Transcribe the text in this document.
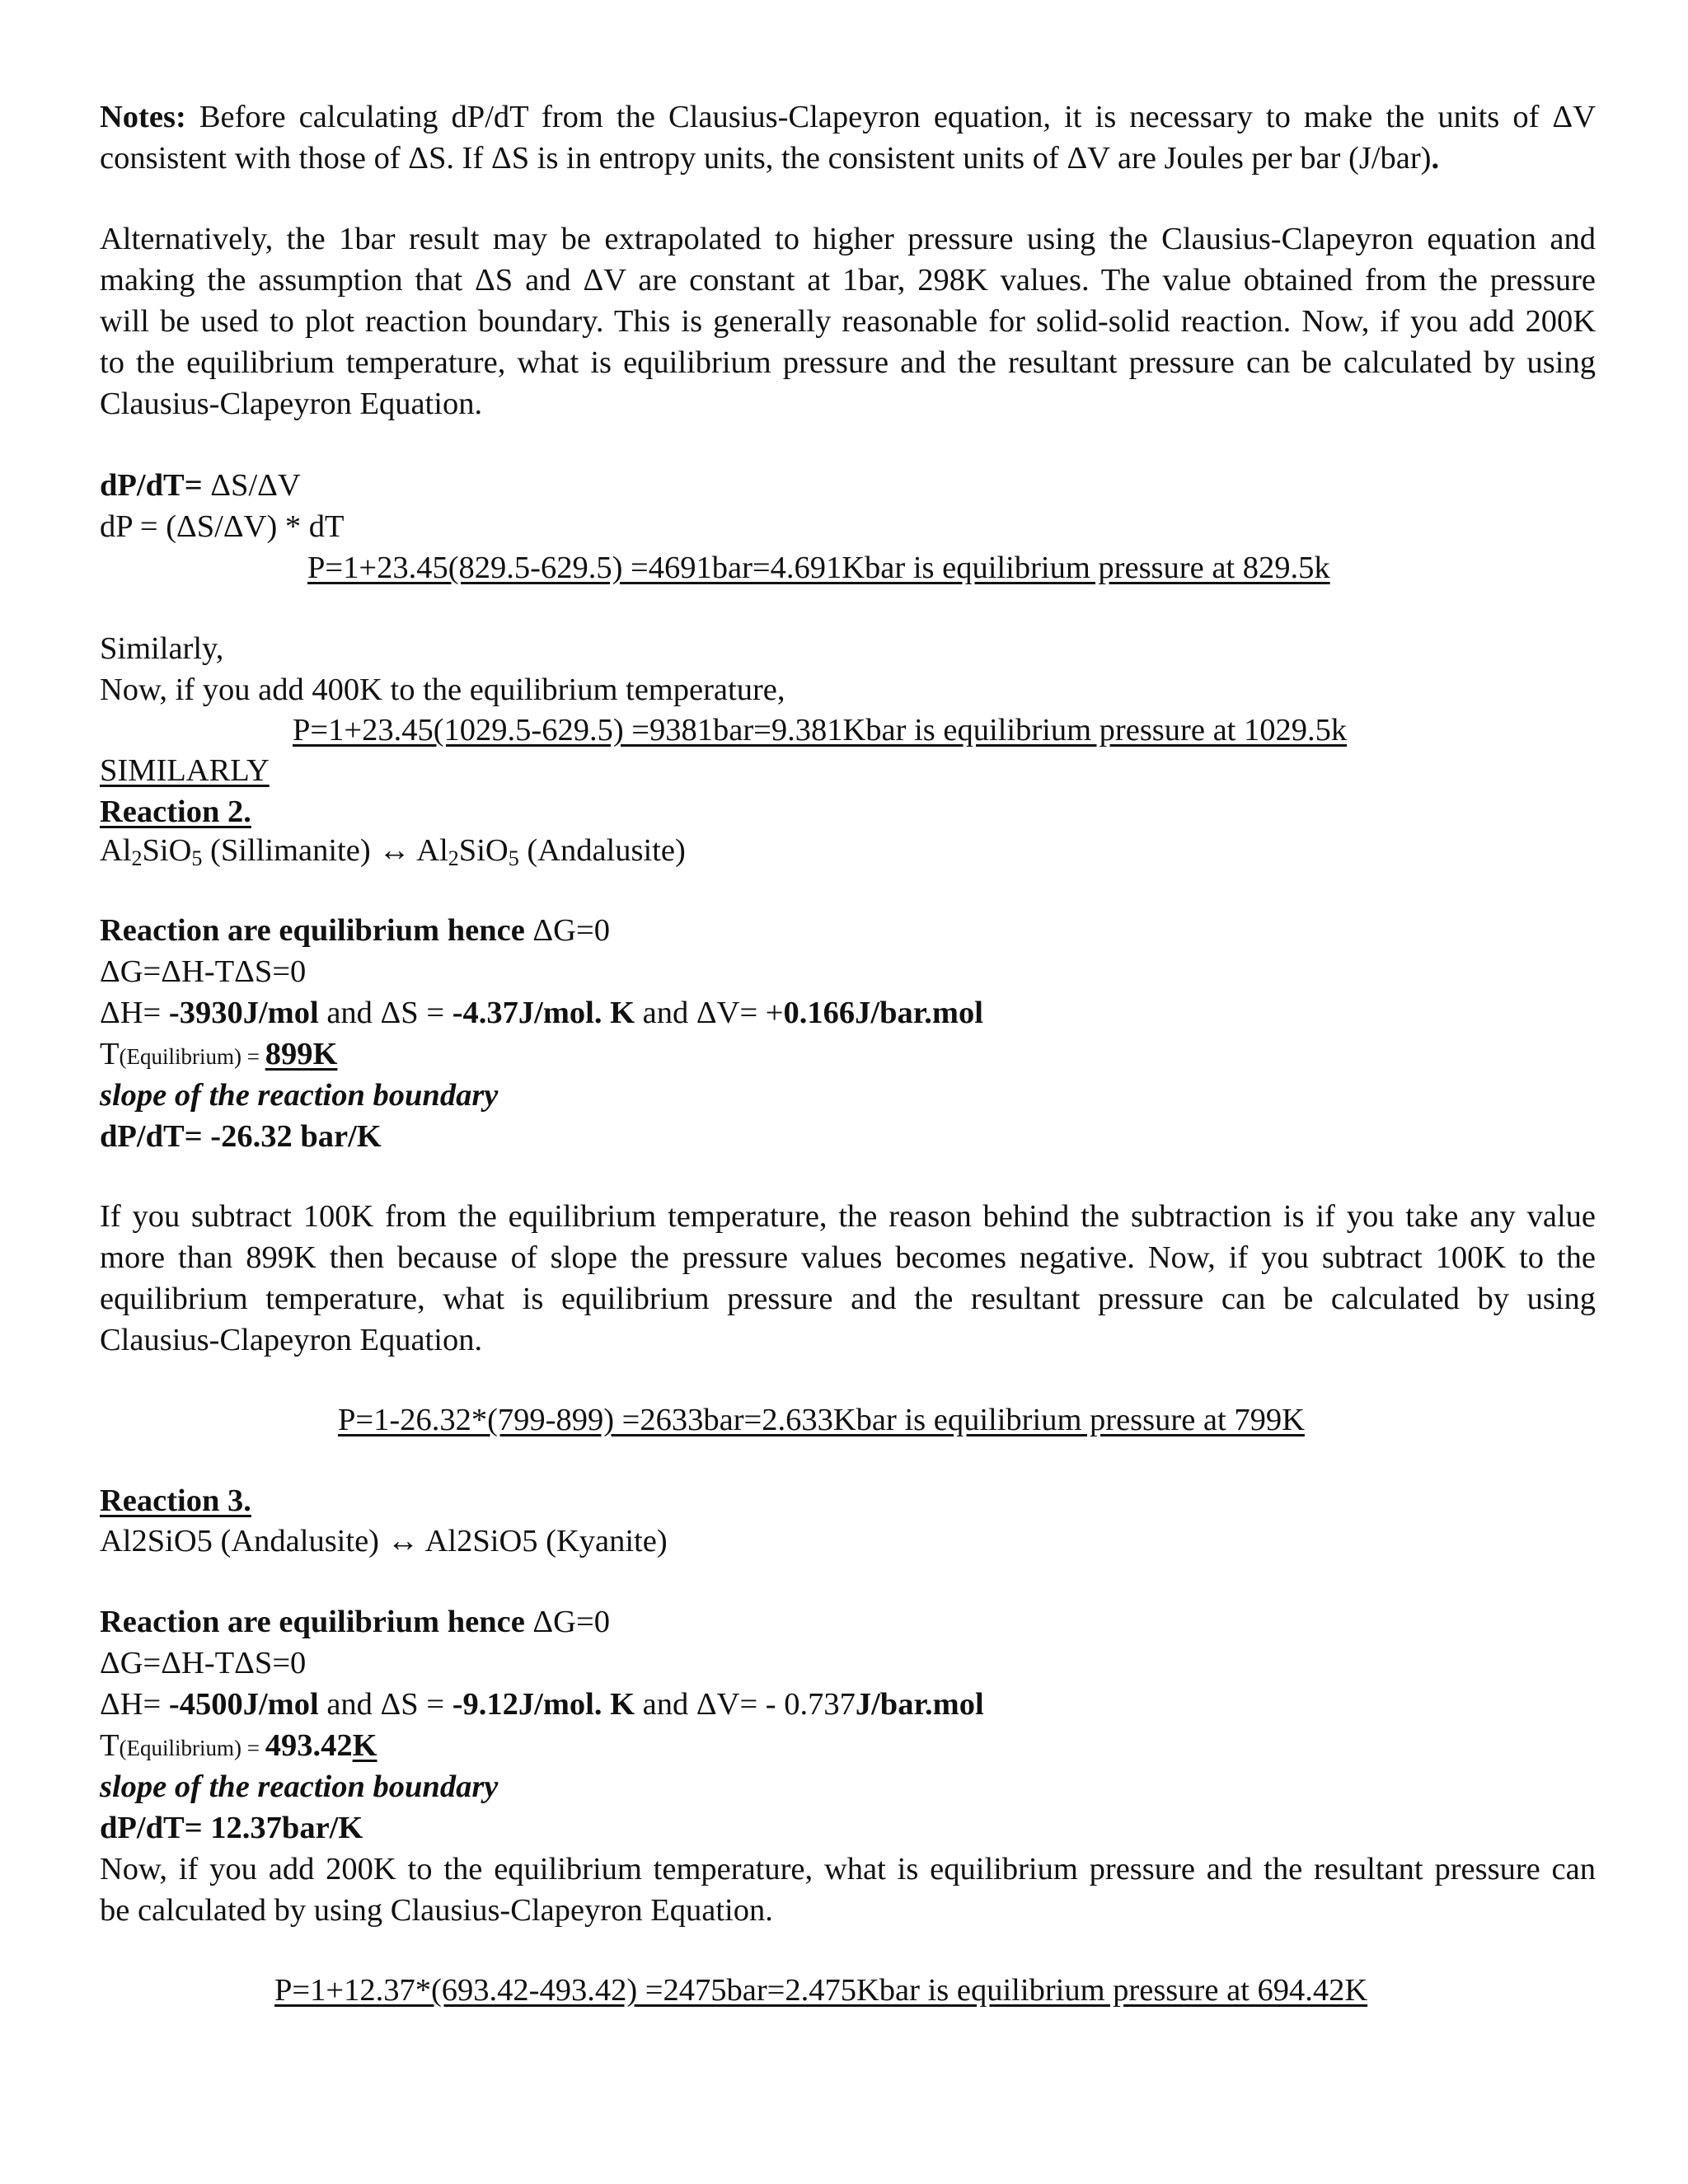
Notes: Before calculating dP/dT from the Clausius-Clapeyron equation, it is necessary to make the units of ΔV

consistent with those of ΔS. If ΔS is in entropy units, the consistent units of ΔV are Joules per bar (J/bar).

Alternatively, the 1bar result may be extrapolated to higher pressure using the Clausius-Clapeyron equation and

making the assumption that ΔS and ΔV are constant at 1bar, 298K values. The value obtained from the pressure

will be used to plot reaction boundary. This is generally reasonable for solid-solid reaction. Now, if you add 200K

to the equilibrium temperature, what is equilibrium pressure and the resultant pressure can be calculated by using

Clausius-Clapeyron Equation.

dP/dT= ΔS/ΔV

dP = (ΔS/ΔV) * dT

P=1+23.45(829.5-629.5) =4691bar=4.691Kbar is equilibrium pressure at 829.5k

Similarly,

Now, if you add 400K to the equilibrium temperature,

P=1+23.45(1029.5-629.5) =9381bar=9.381Kbar is equilibrium pressure at 1029.5k

SIMILARLY

Reaction 2.

$Al_2SiO_5$ (Sillimanite) ↔ $Al_2SiO_5$ (Andalusite)

Reaction are equilibrium hence ΔG=0

ΔG=ΔH-TΔS=0

ΔH= -3930J/mol and ΔS = -4.37J/mol. K and ΔV= +0.166J/bar.mol

T(Equilibrium) = 899K

slope of the reaction boundary

dP/dT= -26.32 bar/K

If you subtract 100K from the equilibrium temperature, the reason behind the subtraction is if you take any value

more than 899K then because of slope the pressure values becomes negative. Now, if you subtract 100K to the

equilibrium temperature, what is equilibrium pressure and the resultant pressure can be calculated by using

Clausius-Clapeyron Equation.

P=1-26.32*(799-899) =2633bar=2.633Kbar is equilibrium pressure at 799K

Reaction 3.

Al2SiO5 (Andalusite) ↔ Al2SiO5 (Kyanite)

Reaction are equilibrium hence ΔG=0

ΔG=ΔH-TΔS=0

ΔH= -4500J/mol and ΔS = -9.12J/mol. K and ΔV= - 0.737J/bar.mol

T(Equilibrium) = 493.42K

slope of the reaction boundary

dP/dT= 12.37bar/K

Now, if you add 200K to the equilibrium temperature, what is equilibrium pressure and the resultant pressure can

be calculated by using Clausius-Clapeyron Equation.

P=1+12.37*(693.42-493.42) =2475bar=2.475Kbar is equilibrium pressure at 694.42K
